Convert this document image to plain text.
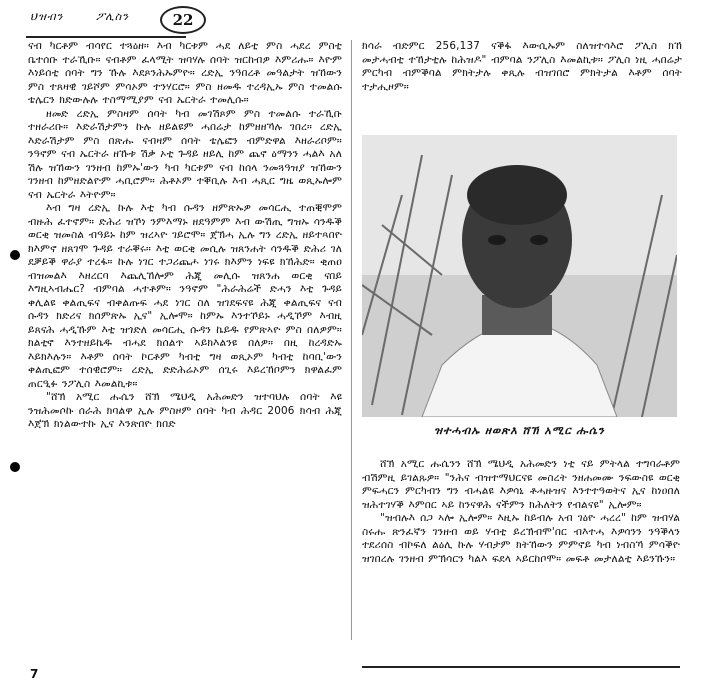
ህዝብን	ፖሊስን	22

ናብ ካርቶም ብሳየር ተጓዕዘ። እብ ካርቱም ሓደ ለይቲ ምስ ሓደረ ምስቲ ቤተሰቡ ተራኺቡ። ናብቶም ፈላሚት ዝባሃሉ ሰባት ዝርከብዎ እምሪሑ። እዮም እነይሰቲ ሰባት ግን ኹሉ እደጾንሕኡምዮ። ረድኢ ንዓበረቶ መዓልታት ዝኸውን ምስ ተጸዛዊ ገይሾም ምሳኦም ተንሃርሮ። ምስ ዘመዱ ተረዳኢኡ ምስ ተመልሱ ቴሌርን ክድውሉሉ ተስማሚያም ናብ ኤርትራ ተመሊሱ።

ዘመድ ረድኢ ምስዛም ሰባት ካብ መገሽጾም ምስ ተመልሱ ተራኺቡ ተዘራሪቡ። እድራሽታምን ኩሉ ዘይልዩም ሓበሬታ ከምዘዘኻሉ ገበረ። ረድኢ እድራሽታም ምስ በጽሑ ናብዛም ሰባት ቴሌፎን ብምድዋል እዘራሪቦም። ንዓኖም ናብ ኤርትራ ዘኹቱ ሽቃ ኦቲ ጉዳይ ዘይሊ ከም ጨኖ ዕማንን ሓልእ አለ ሽሉ ዝኸውን ገንዘብ ከምኡ'ውን ካብ ካርቱም ናብ ከሰላ ንመጓዓዝያ ዝኸውን ገንዘብ ከምዘድልዮም ሓቢሮም። ሕቶኦም ተቐቢሉ እብ ሓጺር ግዜ ወጺኡሎም ናብ ኤርትራ እትዮም።

እብ ግዛ ረድኢ ኩሉ እቲ ካብ ሱዳን ዘምጽኡዎ መሳርሒ ተጠቒሞም ብዙሕ ፈተኖም። ድሕሪ ዝኾነ ንምእማኑ ዘደዓምም እብ ውሽጢ ግዝኡ ሳንዱቕ ወርቂ ዝመስል ብዓይኑ ከም ዝረኣዮ ገይሮሞ። ጀኽሓ ኢሉ ግን ረድኢ ዘይተጻበዮ ክእምኖ ዘጸገሞ ጉዳይ ተራቐሩ። እቲ ወርቂ መሲሉ ዝጸንሐት ሳንዱቕ ድሕሪ ገለ ደቓይቕ ዋራያ ተረፋ። ኩሉ ነገር ተጋሪጨሖ ነገሩ ክእምን ነፍዩ ክኸሕድ። ቂጠዐ ብዝመልእ እዘረርባ እጨሊኸሎም ሕጂ መሊሱ ዝጸንሐ ወርቂ ናበይ እግዚኣብሔር? ብምባል ሓተቶም። ንዓኖም "ሕራሕሬች ድሓን እቲ ጉዳይ ቀሊልዩ ቀልጢፍና ብቀልጡፍ ሓደ ነገር ስለ ዝገደፍናዩ ሕጂ ቀልጢፍና ናብ ሱዳን ክድሪና ክሰምጽኡ ኢና" ኢሎሞ። ከምኡ እንተኾይኑ ሓዲኾም እብዚ ይጸናሕ ሓዲኹም እቲ ዝጎድለ መሳርሒ ሱዳን ኬይዱ የምጽኣዮ ምስ በለዎም። ክልቲኖ እንተዘይኬዱ ብሓደ ክሰልጥ ኣይክእልንዩ በለዎ። በዚ ከረዳድኡ እይክእሉን። እቶም ሰባት ኮርቶም ካብቲ ግዛ ወጺኦም ካብቲ ከባቢ'ውን ቀልጢፎም ተሰዊሮም። ረድኢ ድድሕሬኦም ሰጊሩ እይረኸቦምን ክዋልፈም ጠርዒፉ ንፖሊስ እመልኪቱ።

"ሸኽ አሚር ሑሴን ሸኽ ሜህዲ አሕመድን ዝተባህሉ ሰባት እዩ ንዝሕመሶኩ ሰራሕ ክባልዋ ኢሉ ምስዞም ሰባት ካብ ሕዳር 2006 ክሳብ ሕጂ እጀኽ ክነልውተኩ ኢና እንጽበዮ ክበድ

ክሳራ ብድምር 256,137 ናቕፋ እውሲኡም ስለዝተሳእሮ ፖሊስ ክኸ መታሓብቲ ተኸታቲሉ ከሕዝዶ" ብምባል ንፖሊስ እመልኪቱ። ፖሊስ ነዚ ሓበሬታ ምርካብ ብምቕባል ምክትታሉ ቀጺሉ ብዝገበሮ ምክትታል እቶም ሰባት ተታሒዞም።

ዝተሓብኡ ዘወጽእ ሸኽ አሚር ሑሴን

ሸኽ አሚር ሑሴንን ሸኽ ሜህዲ አሕመድን ነቲ ናይ ምትላል ተግባራቶም ብሽምዚ ይገልጹዎ። "ንሕና ብዝተማህርናዩ መስረት ንዘሐመሙ ንፍውስዩ ወርቂ ምፍሓርን ምርካብን ግን ብሓልዩ እዎሳኒ ቶሓዙዝና እንተተዓወትና ኢና ከነዐበለ ዝሕተገሃቕ እምበር ኣይ ከንናዋሕ ናችምን ክሕለትን የብልናዩ" ኢሎም።

"ዝብሉእ ሰጋ ኣሎ ኢሎም። እዚኡ ከይብሉ አብ ገዕዮ ሓረረ" ከም ዝብሃል ስሩሑ ጽንፈኛን ገንዘብ ወይ ሃብቲ ይረኽብሞ'በር ብእተሓ እዎሳንን ንዓቕላን ተደሪሰስ ብኮፍለ ልዕሊ ኩሉ ሃብታም ክትኸውን ምምኖይ ካብ ነብስኻ ምሳቕዮ ዝገበረሉ ገንዘብ ምኽሳርን ካልእ ፍደላ ኣይርከቦሞ። መፍቶ መታለልቲ እይንኹን።

7
